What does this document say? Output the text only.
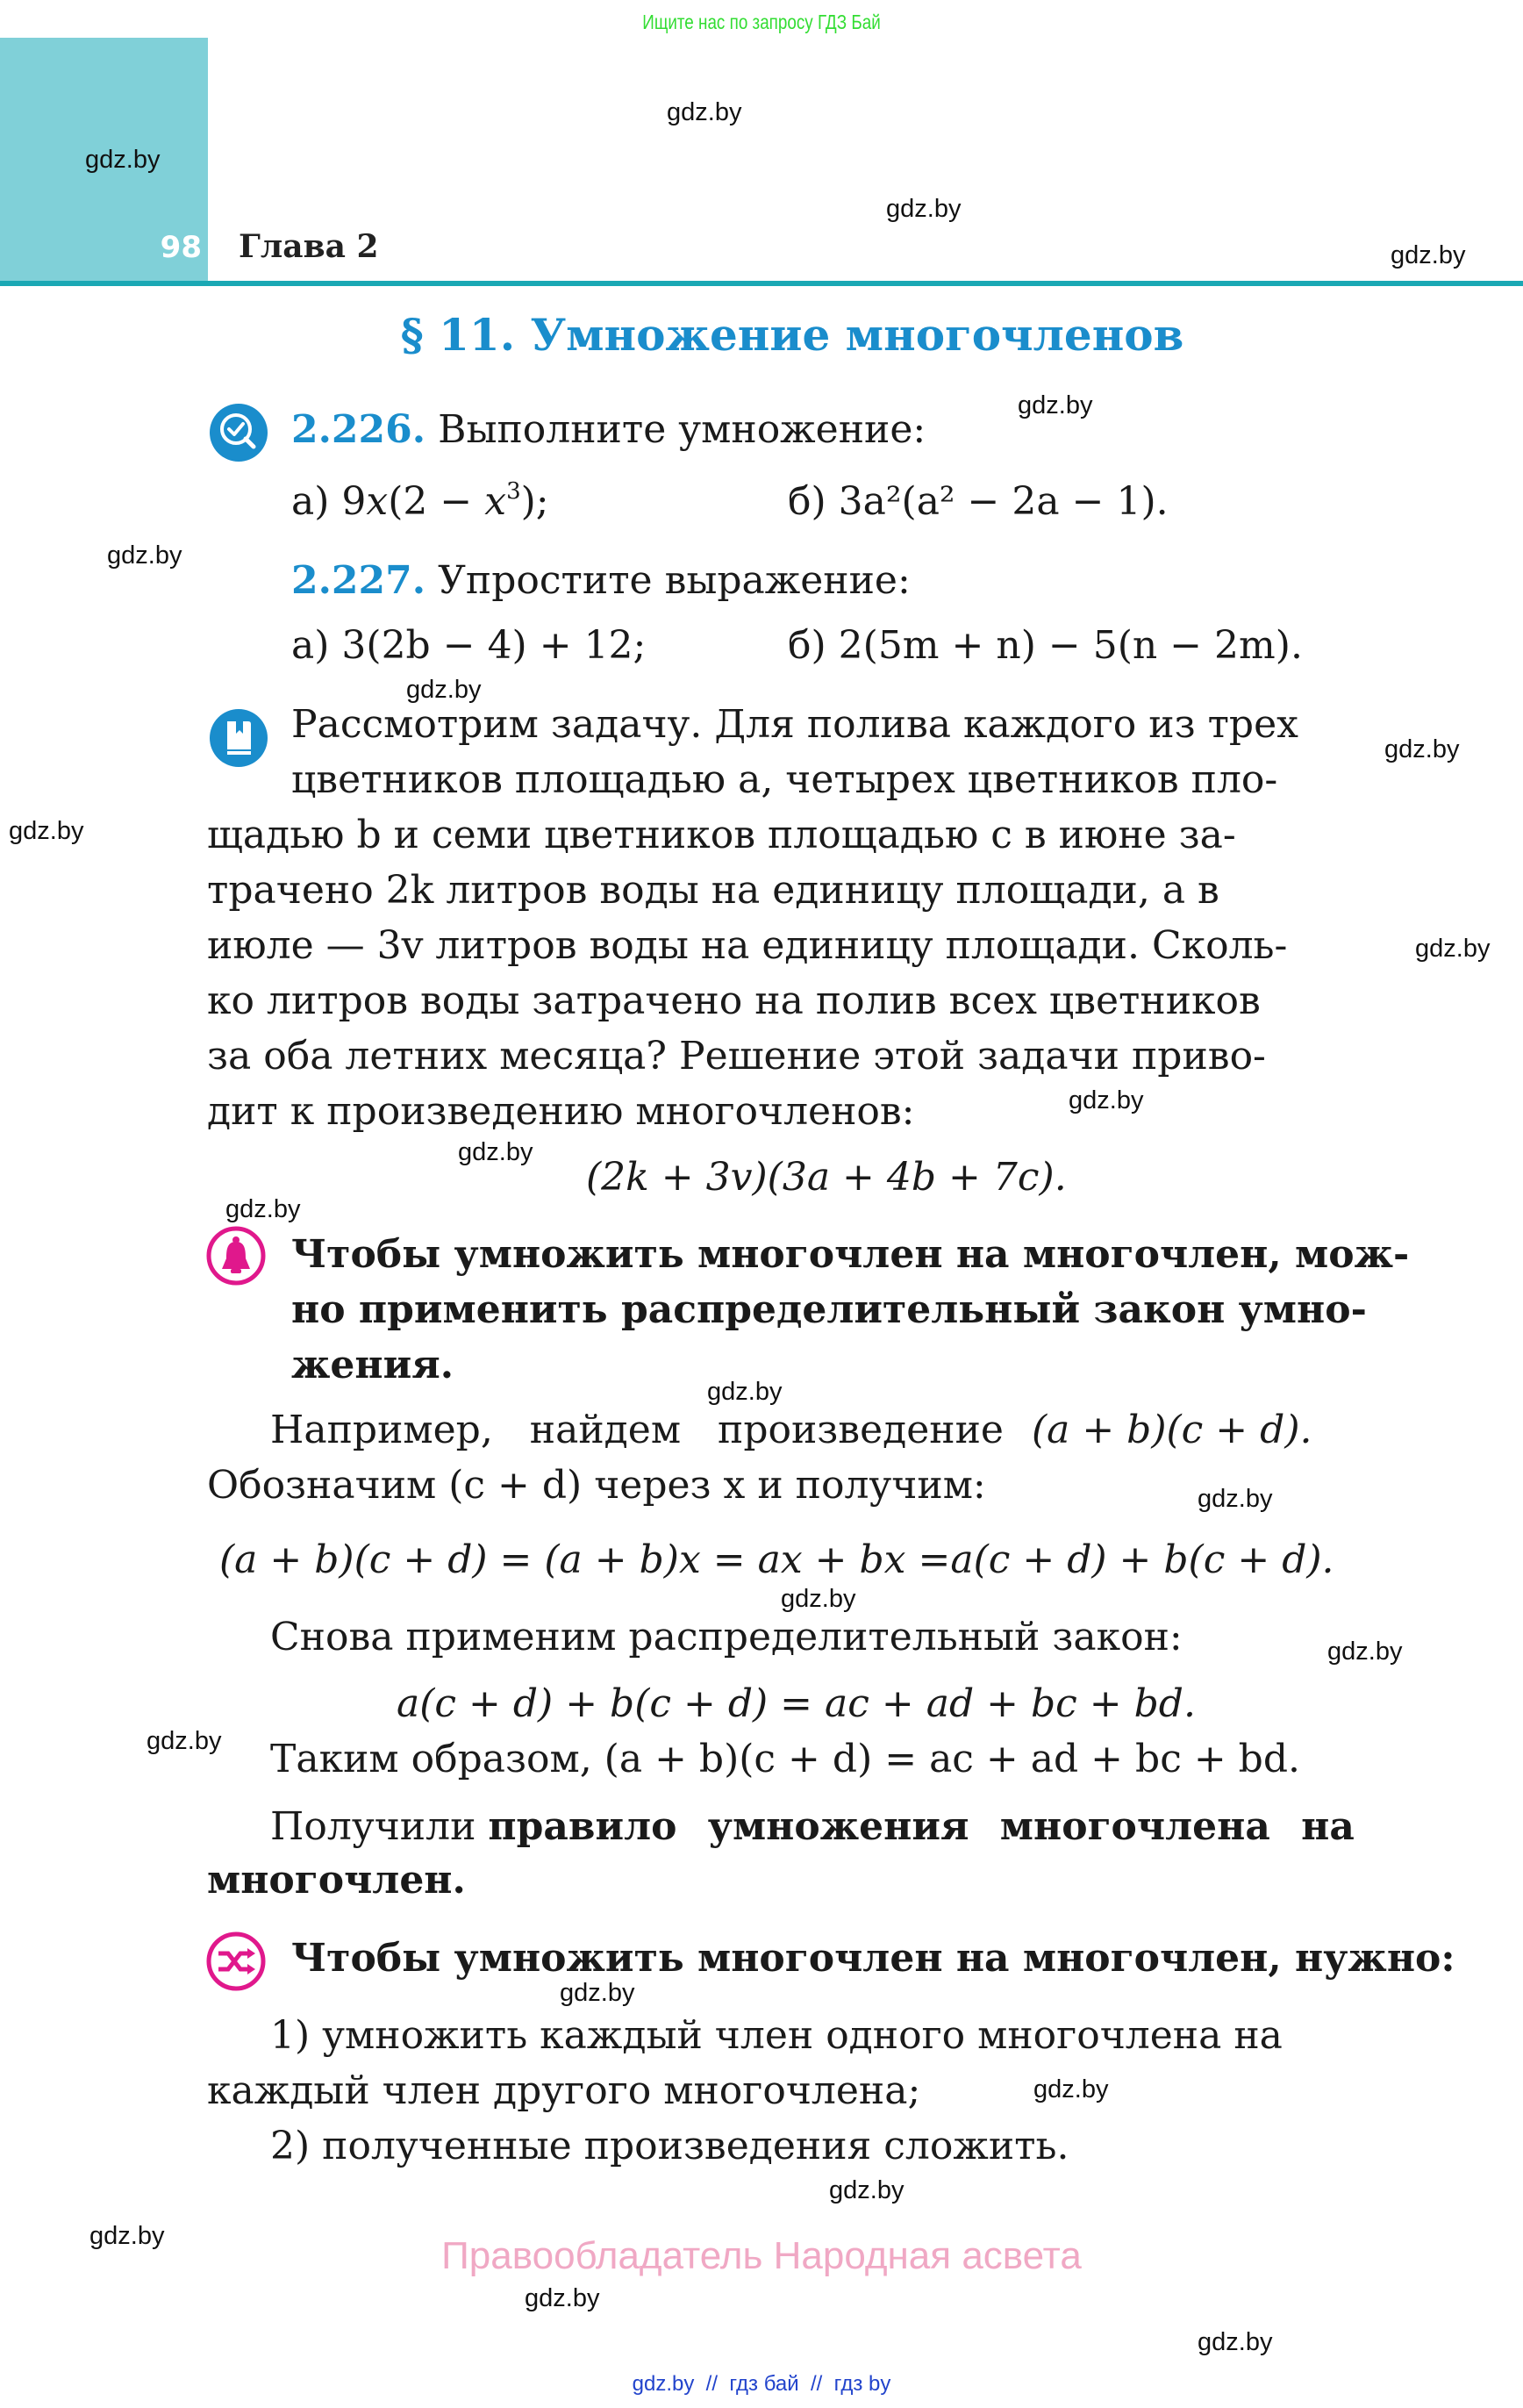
Ищите нас по запросу ГДЗ Бай
98 Глава 2
§ 11. Умножение многочленов
2.226. Выполните умножение:
а) $9x(2 - x^3)$;	б) 3a²(a² − 2a − 1).
2.227. Упростите выражение:
а) 3(2b − 4) + 12;	б) 2(5m + n) − 5(n − 2m).
Рассмотрим задачу. Для полива каждого из трех
цветников площадью a, четырех цветников пло-
щадью b и семи цветников площадью c в июне за-
трачено 2k литров воды на единицу площади, а в
июле — 3v литров воды на единицу площади. Сколь-
ко литров воды затрачено на полив всех цветников
за оба летних месяца? Решение этой задачи приво-
дит к произведению многочленов:
(2k + 3v)(3a + 4b + 7c).
Чтобы умножить многочлен на многочлен, мож-
но применить распределительный закон умно-
жения.
Например,   найдем   произведение (a + b)(c + d).
Обозначим (c + d) через x и получим:
(a + b)(c + d) = (a + b)x = ax + bx =a(c + d) + b(c + d).
Снова применим распределительный закон:
a(c + d) + b(c + d) = ac + ad + bc + bd.
Таким образом, (a + b)(c + d) = ac + ad + bc + bd.
Получили правило умножения многочлена на
многочлен.
Чтобы умножить многочлен на многочлен, нужно:
1) умножить каждый член одного многочлена на
каждый член другого многочлена;
2) полученные произведения сложить.
Правообладатель Народная асвета
gdz.by
gdz.by
gdz.by
gdz.by
gdz.by
gdz.by
gdz.by
gdz.by
gdz.by
gdz.by
gdz.by
gdz.by
gdz.by
gdz.by
gdz.by
gdz.by
gdz.by
gdz.by
gdz.by
gdz.by
gdz.by
gdz.by
gdz.by
gdz.by
gdz.by  //  гдз бай  //  гдз by
